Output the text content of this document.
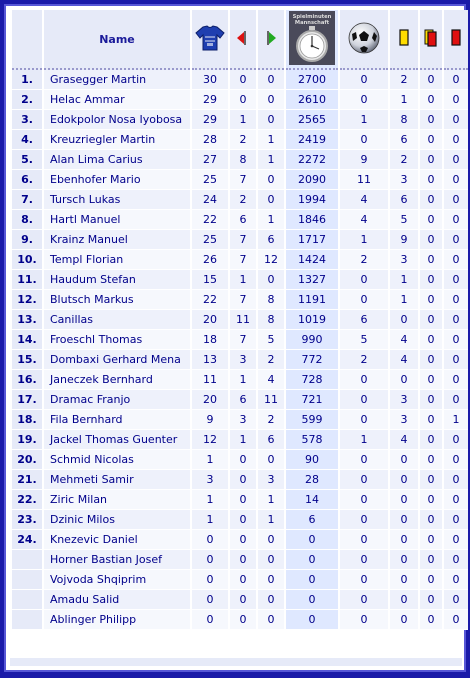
	Name				Spielminuten
Mannschaft

1.	Grasegger Martin	30	0	0	2700	0	2	0	0
2.	Helac Ammar	29	0	0	2610	0	1	0	0
3.	Edokpolor Nosa Iyobosa	29	1	0	2565	1	8	0	0
4.	Kreuzriegler Martin	28	2	1	2419	0	6	0	0
5.	Alan Lima Carius	27	8	1	2272	9	2	0	0
6.	Ebenhofer Mario	25	7	0	2090	11	3	0	0
7.	Tursch Lukas	24	2	0	1994	4	6	0	0
8.	Hartl Manuel	22	6	1	1846	4	5	0	0
9.	Krainz Manuel	25	7	6	1717	1	9	0	0
10.	Templ Florian	26	7	12	1424	2	3	0	0
11.	Haudum Stefan	15	1	0	1327	0	1	0	0
12.	Blutsch Markus	22	7	8	1191	0	1	0	0
13.	Canillas	20	11	8	1019	6	0	0	0
14.	Froeschl Thomas	18	7	5	990	5	4	0	0
15.	Dombaxi Gerhard Mena	13	3	2	772	2	4	0	0
16.	Janeczek Bernhard	11	1	4	728	0	0	0	0
17.	Dramac Franjo	20	6	11	721	0	3	0	0
18.	Fila Bernhard	9	3	2	599	0	3	0	1
19.	Jackel Thomas Guenter	12	1	6	578	1	4	0	0
20.	Schmid Nicolas	1	0	0	90	0	0	0	0
21.	Mehmeti Samir	3	0	3	28	0	0	0	0
22.	Ziric Milan	1	0	1	14	0	0	0	0
23.	Dzinic Milos	1	0	1	6	0	0	0	0
24.	Knezevic Daniel	0	0	0	0	0	0	0	0
	Horner Bastian Josef	0	0	0	0	0	0	0	0
	Vojvoda Shqiprim	0	0	0	0	0	0	0	0
	Amadu Salid	0	0	0	0	0	0	0	0
	Ablinger Philipp	0	0	0	0	0	0	0	0
